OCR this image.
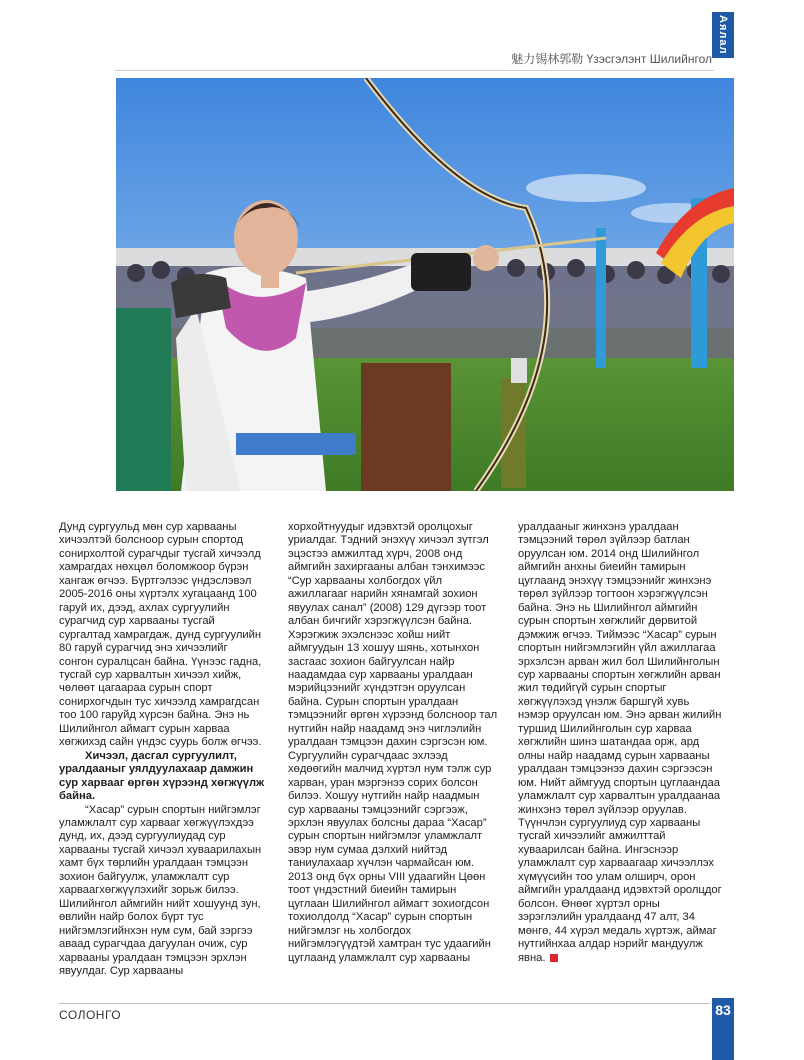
Аялал
魅力锡林郭勒 Үзэсгэлэнт Шилийнгол

Дунд сургуульд мөн сур харвааны хичээлтэй болсноор сурын спортод сонирхолтой сурагчдыг тусгай хичээлд хамрагдах нөхцөл боломжоор бүрэн хангаж өгчээ. Бүртгэлээс үндэслэвэл 2005-2016 оны хүртэлх хугацаанд 100 гаруй их, дээд, ахлах сургуулийн сурагчид сур харвааны тусгай сургалтад хамрагдаж, дунд сургуулийн 80 гаруй сурагчид энэ хичээлийг сонгон суралцсан байна. Үүнээс гадна, тусгай сур харвалтын хичээл хийж, чөлөөт цагаараа сурын спорт сонирхогчдын тус хичээлд хамрагдсан тоо 100 гаруйд хүрсэн байна. Энэ нь Шилийнгол аймагт сурын харваа хөгжихэд сайн үндэс суурь болж өгчээ.

Хичээл, дасгал сургуулилт, уралдааныг уялдуулахаар дамжин сур харвааг өргөн хүрээнд хөгжүүлж байна.

“Хасар” сурын спортын нийгэмлэг уламжлалт сур харвааг хөгжүүлэхдээ дунд, их, дээд сургуулиудад сур харвааны тусгай хичээл хуваарилахын хамт бүх төрлийн уралдаан тэмцээн зохион байгуулж, уламжлалт сур харваагхөгжүүлэхийг зорьж билээ. Шилийнгол аймгийн нийт хошуунд зун, өвлийн найр болох бүрт тус нийгэмлэгийнхэн нум сум, бай зэргээ аваад сурагчдаа дагуулан очиж, сур харвааны уралдаан тэмцээн эрхлэн явуулдаг. Сур харвааны

хорхойтнуудыг идэвхтэй оролцохыг уриалдаг. Тэдний энэхүү хичээл зүтгэл эцэстээ амжилтад хүрч, 2008 онд аймгийн захиргааны албан тэнхимээс “Сур харвааны холбогдох үйл ажиллагааг нарийн хянамгай зохион явуулах санал” (2008) 129 дүгээр тоот албан бичгийг хэрэгжүүлсэн байна. Хэрэгжиж эхэлснээс хойш нийт аймгуудын 13 хошуу шянь, хотынхон засгаас зохион байгуулсан найр наадамдаа сур харвааны уралдаан мэрийцээнийг хүндэтгэн оруулсан байна. Сурын спортын уралдаан тэмцээнийг өргөн хүрээнд болсноор тал нутгийн найр наадамд энэ чиглэлийн уралдаан тэмцээн дахин сэргэсэн юм. Сургуулийн сурагчдаас эхлээд хөдөөгийн малчид хүртэл нум тэлж сур харван, уран мэргэнээ сорих болсон билээ. Хошуу нутгийн найр наадмын сур харвааны тэмцээнийг сэргээж, эрхлэн явуулах болсны дараа “Хасар” сурын спортын нийгэмлэг уламжлалт эвэр нум сумаа дэлхий нийтэд таниулахаар хүчлэн чармайсан юм. 2013 онд бүх орны VIII удаагийн Цөөн тоот үндэстний биеийн тамирын цуглаан Шилийнгол аймагт зохиогдсон тохиолдолд “Хасар” сурын спортын нийгэмлэг нь холбогдох нийгэмлэгүүдтэй хамтран тус удаагийн цуглаанд уламжлалт сур харвааны

уралдааныг жинхэнэ уралдаан тэмцээний төрөл зүйлээр батлан оруулсан юм. 2014 онд Шилийнгол аймгийн анхны биеийн тамирын цуглаанд энэхүү тэмцээнийг жинхэнэ төрөл зүйлээр тогтоон хэрэгжүүлсэн байна. Энэ нь Шилийнгол аймгийн сурын спортын хөгжлийг дөрвитой дэмжиж өгчээ. Тиймээс “Хасар” сурын спортын нийгэмлэгийн үйл ажиллагаа эрхэлсэн арван жил бол Шилийнголын сур харвааны спортын хөгжлийн арван жил төдийгүй сурын спортыг хөгжүүлэхэд үнэлж баршгүй хувь нэмэр оруулсан юм. Энэ арван жилийн туршид Шилийнголын сур харваа хөгжлийн шинэ шатандаа орж, ард олны найр наадамд сурын харвааны уралдаан тэмцээнээ дахин сэргээсэн юм. Нийт аймгууд спортын цуглаандаа уламжлалт сур харвалтын уралдаанаа жинхэнэ төрөл зүйлээр оруулав. Түүнчлэн сургуулиуд сур харвааны тусгай хичээлийг амжилттай хуваарилсан байна. Ингэснээр уламжлалт сур харваагаар хичээллэх хүмүүсийн тоо улам олширч, орон аймгийн уралдаанд идэвхтэй оролцдог болсон. Өнөөг хүртэл орны зэрэглэлийн уралдаанд 47 алт, 34 мөнгө, 44 хүрэл медаль хүртэж, аймаг нутгийнхаа алдар нэрийг мандуулж явна.

СОЛОНГО	83
